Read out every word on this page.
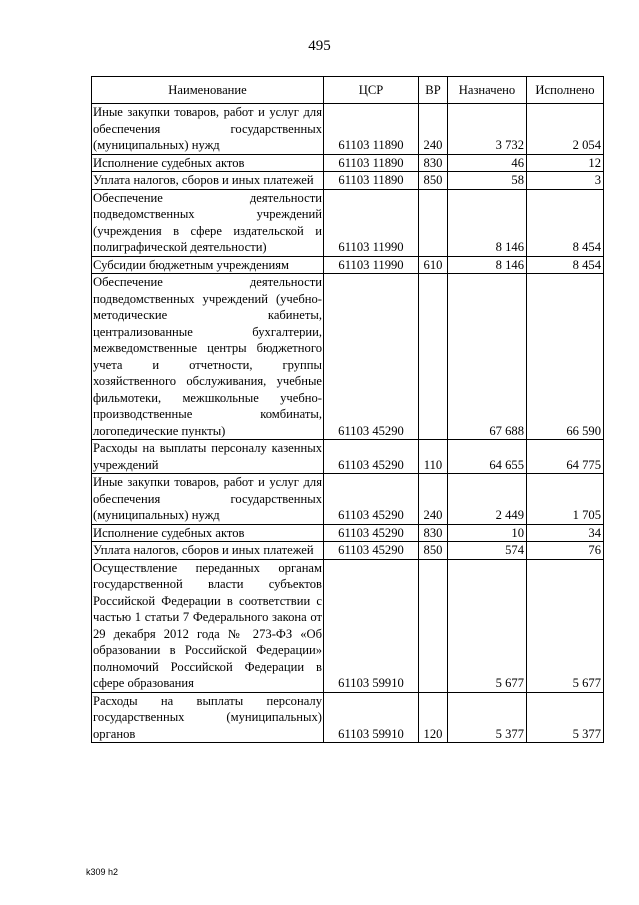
495
Наименование	ЦСР	ВР	Назначено	Исполнено
Иные закупки товаров, работ и услуг для обеспечения государственных (муниципальных) нужд	61103 11890	240	3 732	2 054
Исполнение судебных актов	61103 11890	830	46	12
Уплата налогов, сборов и иных платежей	61103 11890	850	58	3
Обеспечение деятельности подведомственных учреждений (учреждения в сфере издательской и полиграфической деятельности)	61103 11990		8 146	8 454
Субсидии бюджетным учреждениям	61103 11990	610	8 146	8 454
Обеспечение деятельности подведомственных учреждений (учебно-методические кабинеты, централизованные бухгалтерии, межведомственные центры бюджетного учета и отчетности, группы хозяйственного обслуживания, учебные фильмотеки, межшкольные учебно-производственные комбинаты, логопедические пункты)	61103 45290		67 688	66 590
Расходы на выплаты персоналу казенных учреждений	61103 45290	110	64 655	64 775
Иные закупки товаров, работ и услуг для обеспечения государственных (муниципальных) нужд	61103 45290	240	2 449	1 705
Исполнение судебных актов	61103 45290	830	10	34
Уплата налогов, сборов и иных платежей	61103 45290	850	574	76
Осуществление переданных органам государственной власти субъектов Российской Федерации в соответствии с частью 1 статьи 7 Федерального закона от 29 декабря 2012 года № 273-ФЗ «Об образовании в Российской Федерации» полномочий Российской Федерации в сфере образования	61103 59910		5 677	5 677
Расходы на выплаты персоналу государственных (муниципальных) органов	61103 59910	120	5 377	5 377
k309 h2
